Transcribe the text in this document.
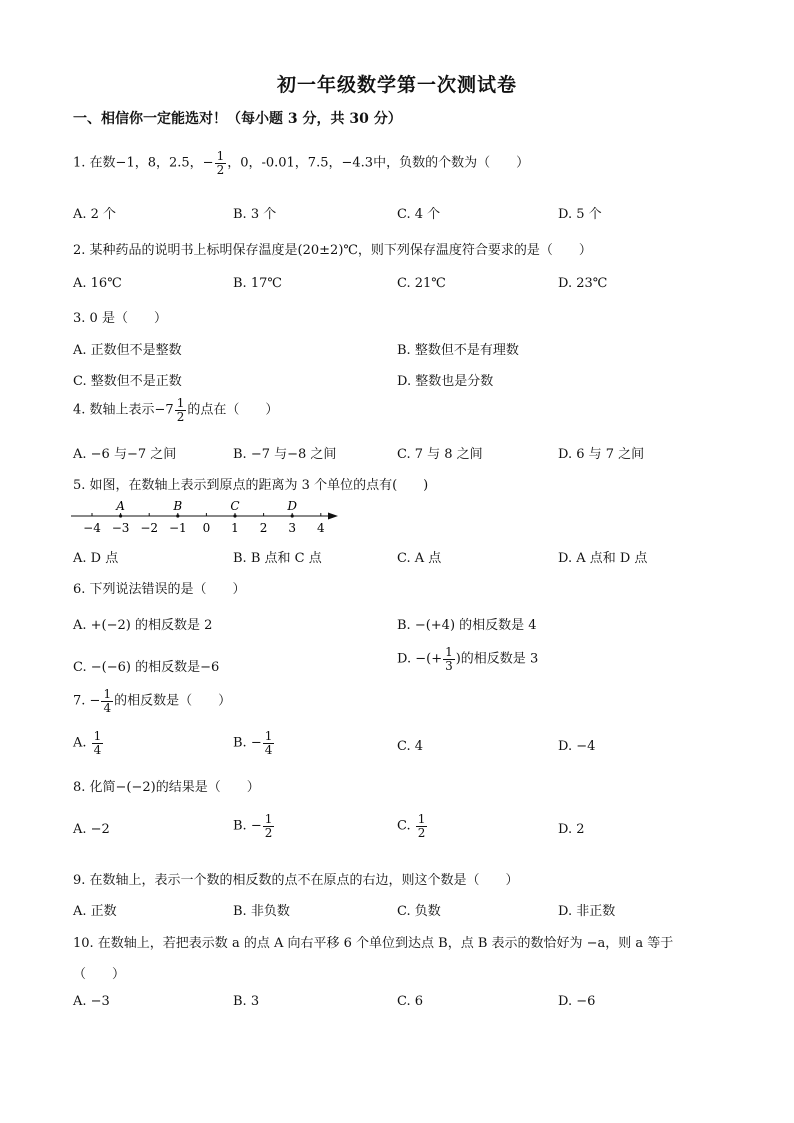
初一年级数学第一次测试卷
一、相信你一定能选对！（每小题 3 分，共 30 分）
1. 在数−1，8，2.5，− $\frac{1}{2}$ ，0，-0.01，7.5，−4.3中，负数的个数为（　　）
A. 2 个	B. 3 个	C. 4 个	D. 5 个
2. 某种药品的说明书上标明保存温度是(20±2)℃，则下列保存温度符合要求的是（　　）
A. 16℃	B. 17℃	C. 21℃	D. 23℃
3. 0 是（　　）
A. 正数但不是整数	B. 整数但不是有理数
C. 整数但不是正数	D. 整数也是分数
4. 数轴上表示$-7 \frac{1}{2}$ 的点在（　　）
A. −6 与−7 之间	B. −7 与−8 之间	C. 7 与 8 之间	D. 6 与 7 之间
5. 如图，在数轴上表示到原点的距离为 3 个单位的点有(　　)
−4 −3 −2 −1 0 1 2 3 4
A	B	C	D
A. D 点	B. B 点和 C 点	C. A 点	D. A 点和 D 点
6. 下列说法错误的是（　　）
A. +(−2) 的相反数是 2	B. −(+4) 的相反数是 4
C. −(−6) 的相反数是−6
D. −(+ $\frac{1}{3}$ )的相反数是 3
7. − $\frac{1}{4}$ 的相反数是（　　）
A. $\frac{1}{4}$	B. − $\frac{1}{4}$	C. 4	D. −4
8. 化简−(−2)的结果是（　　）
A. −2	B. − $\frac{1}{2}$	C. $\frac{1}{2}$	D. 2
9. 在数轴上，表示一个数的相反数的点不在原点的右边，则这个数是（　　）
A. 正数	B. 非负数	C. 负数	D. 非正数
10. 在数轴上，若把表示数 a 的点 A 向右平移 6 个单位到达点 B，点 B 表示的数恰好为 −a，则 a 等于
（　　）
A. −3	B. 3	C. 6	D. −6
